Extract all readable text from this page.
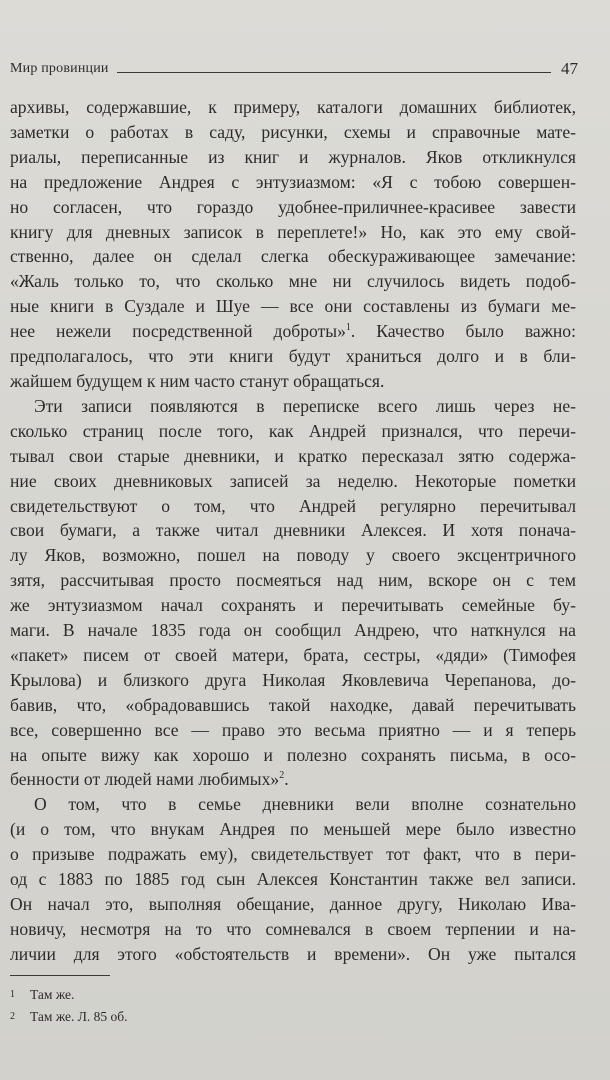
Мир провинции	47
архивы, содержавшие, к примеру, каталоги домашних библиотек,
заметки о работах в саду, рисунки, схемы и справочные мате-
риалы, переписанные из книг и журналов. Яков откликнулся
на предложение Андрея с энтузиазмом: «Я с тобою совершен-
но согласен, что гораздо удобнее-приличнее-красивее завести
книгу для дневных записок в переплете!» Но, как это ему свой-
ственно, далее он сделал слегка обескураживающее замечание:
«Жаль только то, что сколько мне ни случилось видеть подоб-
ные книги в Суздале и Шуе — все они составлены из бумаги ме-
нее нежели посредственной доброты»$^1$. Качество было важно:
предполагалось, что эти книги будут храниться долго и в бли-
жайшем будущем к ним часто станут обращаться.
Эти записи появляются в переписке всего лишь через не-
сколько страниц после того, как Андрей признался, что перечи-
тывал свои старые дневники, и кратко пересказал зятю содержа-
ние своих дневниковых записей за неделю. Некоторые пометки
свидетельствуют о том, что Андрей регулярно перечитывал
свои бумаги, а также читал дневники Алексея. И хотя понача-
лу Яков, возможно, пошел на поводу у своего эксцентричного
зятя, рассчитывая просто посмеяться над ним, вскоре он с тем
же энтузиазмом начал сохранять и перечитывать семейные бу-
маги. В начале 1835 года он сообщил Андрею, что наткнулся на
«пакет» писем от своей матери, брата, сестры, «дяди» (Тимофея
Крылова) и близкого друга Николая Яковлевича Черепанова, до-
бавив, что, «обрадовавшись такой находке, давай перечитывать
все, совершенно все — право это весьма приятно — и я теперь
на опыте вижу как хорошо и полезно сохранять письма, в осо-
бенности от людей нами любимых»$^2$.
О том, что в семье дневники вели вполне сознательно
(и о том, что внукам Андрея по меньшей мере было известно
о призыве подражать ему), свидетельствует тот факт, что в пери-
од с 1883 по 1885 год сын Алексея Константин также вел записи.
Он начал это, выполняя обещание, данное другу, Николаю Ива-
новичу, несмотря на то что сомневался в своем терпении и на-
личии для этого «обстоятельств и времени». Он уже пытался
1	Там же.
2	Там же. Л. 85 об.
